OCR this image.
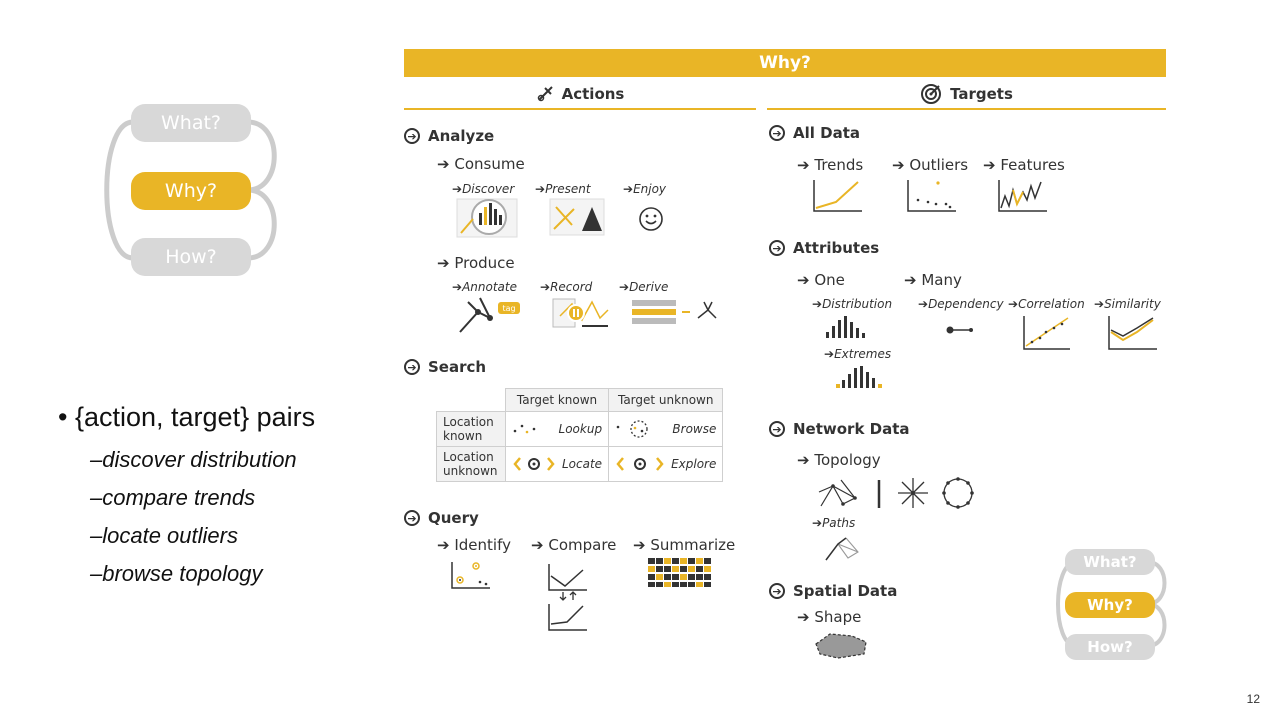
What?
Why?
How?
• {action, target} pairs
–discover distribution
–compare trends
–locate outliers
–browse topology
Why?
Actions	Targets
➔ Analyze
➔ Consume
➔Discover ➔Present	➔Enjoy
➔ Produce
➔Annotate ➔Record ➔Derive
tag
➔ Search
	Target known	Target unknown
Location
known	Lookup	Browse

Location
unknown	Locate	Explore
➔ Query
➔ Identify ➔ Compare ➔ Summarize
➔ All Data
➔ Trends ➔ Outliers ➔ Features
➔ Attributes
➔ One	➔ Many
➔Distribution ➔Dependency ➔Correlation ➔Similarity
➔Extremes
➔ Network Data
➔ Topology
➔Paths
➔ Spatial Data
➔ Shape
What?
Why?
How?
12
